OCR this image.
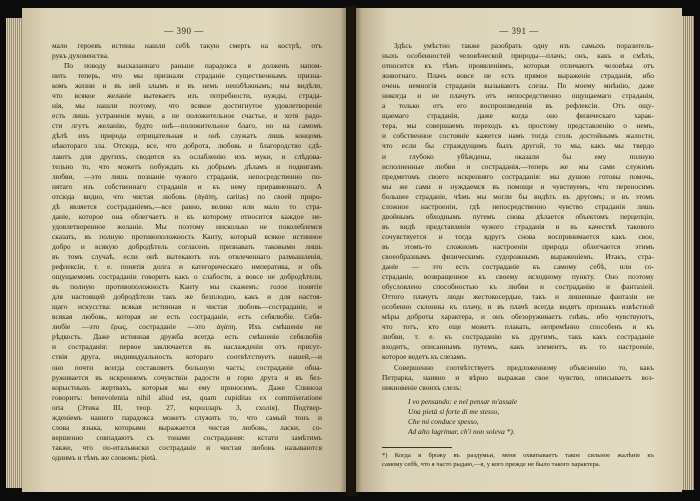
— 390 —
мало героевъ истины нашли себѣ такую смерть на кострѣ, отъ
рукъ духовенства.
По поводу высказаннаго раньше парадокса я долженъ напом-
нить теперь, что мы признали страданіе существеннымъ призна-
комъ жизни и въ ней злымъ и въ немъ неизбѣжнымъ; мы видѣли,
что всякое желаніе вытекаетъ изъ потребности, нужды, страда-
нія, мы нашли поэтому, что всякое достигнутое удовлетвореніе
есть лишь устраненія муки, а не положительное счастье, и хотя радо-
сти лгутъ желанію, будто онѣ—положительное благо, но на самомъ
дѣлѣ ихъ природа отрицательная и онѣ служатъ лишь концомъ
нѣкотораго зла. Отсюда, все, что доброта, любовь и благородство сдѣ-
лаютъ для другихъ, сводится къ ослабленію ихъ муки, и слѣдова-
тельно то, что можетъ побуждать къ добрымъ дѣламъ и подвигамъ
любви, —это лишь познаніе чужого страданія, непосредственно по-
нятаго изъ собственнаго страданія и къ нему приравненнаго. А
отсюда видно, что чистая любовь (ἀγάπη, caritas) по своей приро-
дѣ является состраданіемъ,—все равно, велико или мало то стра-
даніе, которое она облегчаетъ и къ которому относится каждое не-
удовлетворенное желаніе. Мы поэтому нисколько не поколеблемся
сказать, въ полную противоположность Канту, который всякое истинное
добро и всякую добродѣтель согласенъ признавать таковыми лишь
въ томъ случаѣ, если онѣ вытекаютъ изъ отвлеченнаго размышленія,
рефлексіи, т. е. понятія долга и категорическаго императива, и объ
ощущаемомъ состраданіи говоритъ какъ о слабости, а вовсе не добродѣтели,
въ полную противоположность Канту мы скажемъ: голое понятіе
для настоящей добродѣтели такъ же безплодно, какъ и для настоя-
щаго искусства: всякая истинная и чистая любовь—состраданіе, и
всякая любовь, которая не есть состраданіе, есть себялюбіе. Себя-
любіе —это ἔρως, состраданіе —это ἀγάπη. Ихъ смѣшеніе не
рѣдкость. Даже истинная дружба всегда есть смѣшеніе себялюбія
и состраданія: первое заключается въ наслажденіи отъ присут-
ствія друга, индивидуальность котораго соотвѣтствуетъ нашей,—и
оно почти всегда составляетъ большую часть; состраданіе обна-
руживается въ искреннемъ сочувствіи радости и горю друга и въ без-
корыстныхъ жертвахъ, которыя мы ему приносимъ. Даже Спиноза
говоритъ: benevolentia nihil aliud est, quam cupiditas ex commiseratione
orta (Этика III, теор. 27, королларъ 3, схолія). Подтвер-
жденіемъ нашего парадокса можетъ служить то, что самый тонъ и
слова языка, которыми выражается чистая любовь, ласки, со-
вершенно совпадаютъ съ тонами сострадания: кстати замѣтимъ
также, что по-итальянски состраданіе и чистая любовь называются
однимъ и тѣмъ же словомъ: pietà.
— 391 —
Здѣсь умѣстно также разобрать одну изъ самыхъ поразитель-
ныхъ особенностей человѣческой природы—плачъ; онъ, какъ и смѣхъ,
относится къ тѣмъ проявленіямъ, которыя отличаютъ человѣка отъ
животнаго. Плачъ вовсе не есть прямое выраженіе страданія, ибо
очень немногія страданія вызываютъ слезы. По моему мнѣнію, даже
никогда и не плачутъ отъ непосредственно ощущаемаго страданія,
а только отъ его воспроизведенія въ рефлексіи. Отъ ощу-
щаемаго страданія, даже когда оно физическаго харак-
тера, мы совершаемъ переходъ къ простому представленію о немъ,
и собственное состояніе кажется намъ тогда столь достойнымъ жалости,
что если бы страждущимъ былъ другой, то мы, какъ мы твердо
и глубоко убѣждены, оказали бы ему полную
исполненные любви и состраданія,—теперь же мы сами служимъ
предметомъ своего искренняго состраданія: мы душою готовы помочь,
мы же сами и нуждаемся въ помощи и чувствуемъ, что переносимъ
большее страданіе, чѣмъ мы могли бы видѣть въ другомъ; и въ этомъ
сложное настроеніи, гдѣ непосредственно чувство страданія лишь
двойнымъ обходнымъ путемъ снова дѣлается объектомъ перцепціи,
въ видѣ представленія чужого страданія и въ качествѣ такового
сочувствуется и тогда вдругъ снова воспринимается какъ свое,
въ этомъ-то сложномъ настроеніи природа облегчается этимъ
своеобразнымъ физическимъ судорожнымъ выраженіемъ. Итакъ, стра-
даніе — это есть состраданіе къ самому себѣ, или со-
страданіе, возвращенное къ своему исходному пункту. Оно поэтому
обусловлено способностью къ любви и состраданію и фантазіей.
Оттого плачутъ люди жестокосердые, такъ и лишенные фантазіи не
особенно склонны къ плачу, и въ плачѣ всегда видятъ признакъ извѣстной
мѣры доброты характера, и онъ обезоруживаетъ гнѣвъ, ибо чувствуютъ,
что тотъ, кто еще можетъ плакать, непремѣнно способенъ и къ
любви, т. е. къ состраданію къ другимъ, такъ какъ состраданіе
входитъ, описаннымъ путемъ, какъ элементъ, въ то настроеніе,
которое ведетъ къ слезамъ.
Совершенно соотвѣтствуетъ предложенному объясненію то, какъ
Петрарка, наивно и вѣрно выражая свое чувство, описываетъ воз-
никновеніе своихъ слезъ:
I vo pensando: e nel pensar m'assale
Una pietà si forte di me stesso,
Che mi conduce spesso,
Ad alto lagrimar, ch'i non soleva *).
*) Когда я брожу въ раздумьи, меня охватываетъ такое сильное жалѣніе къ
самому себѣ, что я часто рыдаю,—я, у кого прежде не было такого характера.
